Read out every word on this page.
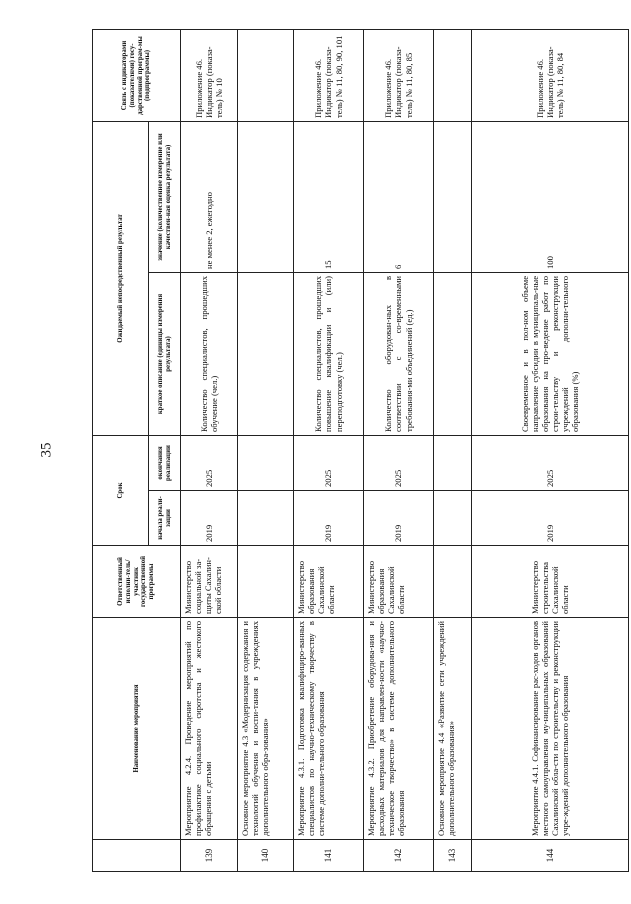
35
	Наименование мероприятия	Ответственный исполни-тель/участник государственной программы	Срок		Ожидаемый непосредственный результат		Связь с индикаторами (показателями) госу-дарственной програм-мы (подпрограммы)
			начала реали-зации	окончания реализации	краткое описание (единицы измерения результата)	значение (количественное измерение или качествен-ная оценка результата)	
139	Мероприятие 4.2.4. Проведение мероприятий по профилактике социального сиротства и жестокого обращения с детьми	Министерство социальной за-щиты Сахалин-ской области	2019	2025	Количество специалистов, прошедших обучение (чел.)	не менее 2, ежегодно	Приложение 46. Индикатор (показа-тель) № 10
140	Основное мероприятие 4.3 «Модернизация содержания и технологий обучения и воспи-тания в учреждениях дополнительного обра-зования»						
141	Мероприятие 4.3.1. Подготовка квалифициро-ванных специалистов по научно-техническому творчеству в системе дополни-тельного образования	Министерство образования Сахалинской области	2019	2025	Количество специалистов, прошедших повышение квалификации и (или) переподготовку (чел.)	15	Приложение 46. Индикатор (показа-тель) № 11, 80, 90, 101
142	Мероприятие 4.3.2. Приобретение оборудова-ния и расходных материалов для направлен-ности «научно-техническое творчество» в системе дополнительного образования	Министерство образования Сахалинской области	2019	2025	Количество оборудован-ных в соответствии с со-временными требования-ми объединений (ед.)	6	Приложение 46. Индикатор (показа-тель) № 11, 80, 85
143	Основное мероприятие 4.4 «Развитие сети учреждений дополнительного образования»						
144	Мероприятие 4.4.1. Софинансирование рас-ходов органов местного самоуправления му-ниципальных образований Сахалинской обла-сти по строительству и реконструкции учре-ждений дополнительного образования	Министерство строительства Сахалинской области	2019	2025	Своевременное и в пол-ном объеме направление субсидии в муниципаль-ные образования на про-ведение работ по строи-тельству и реконструкции учреждений дополни-тельного образования (%)	100	Приложение 46. Индикатор (показа-тель) № 11, 80, 84
